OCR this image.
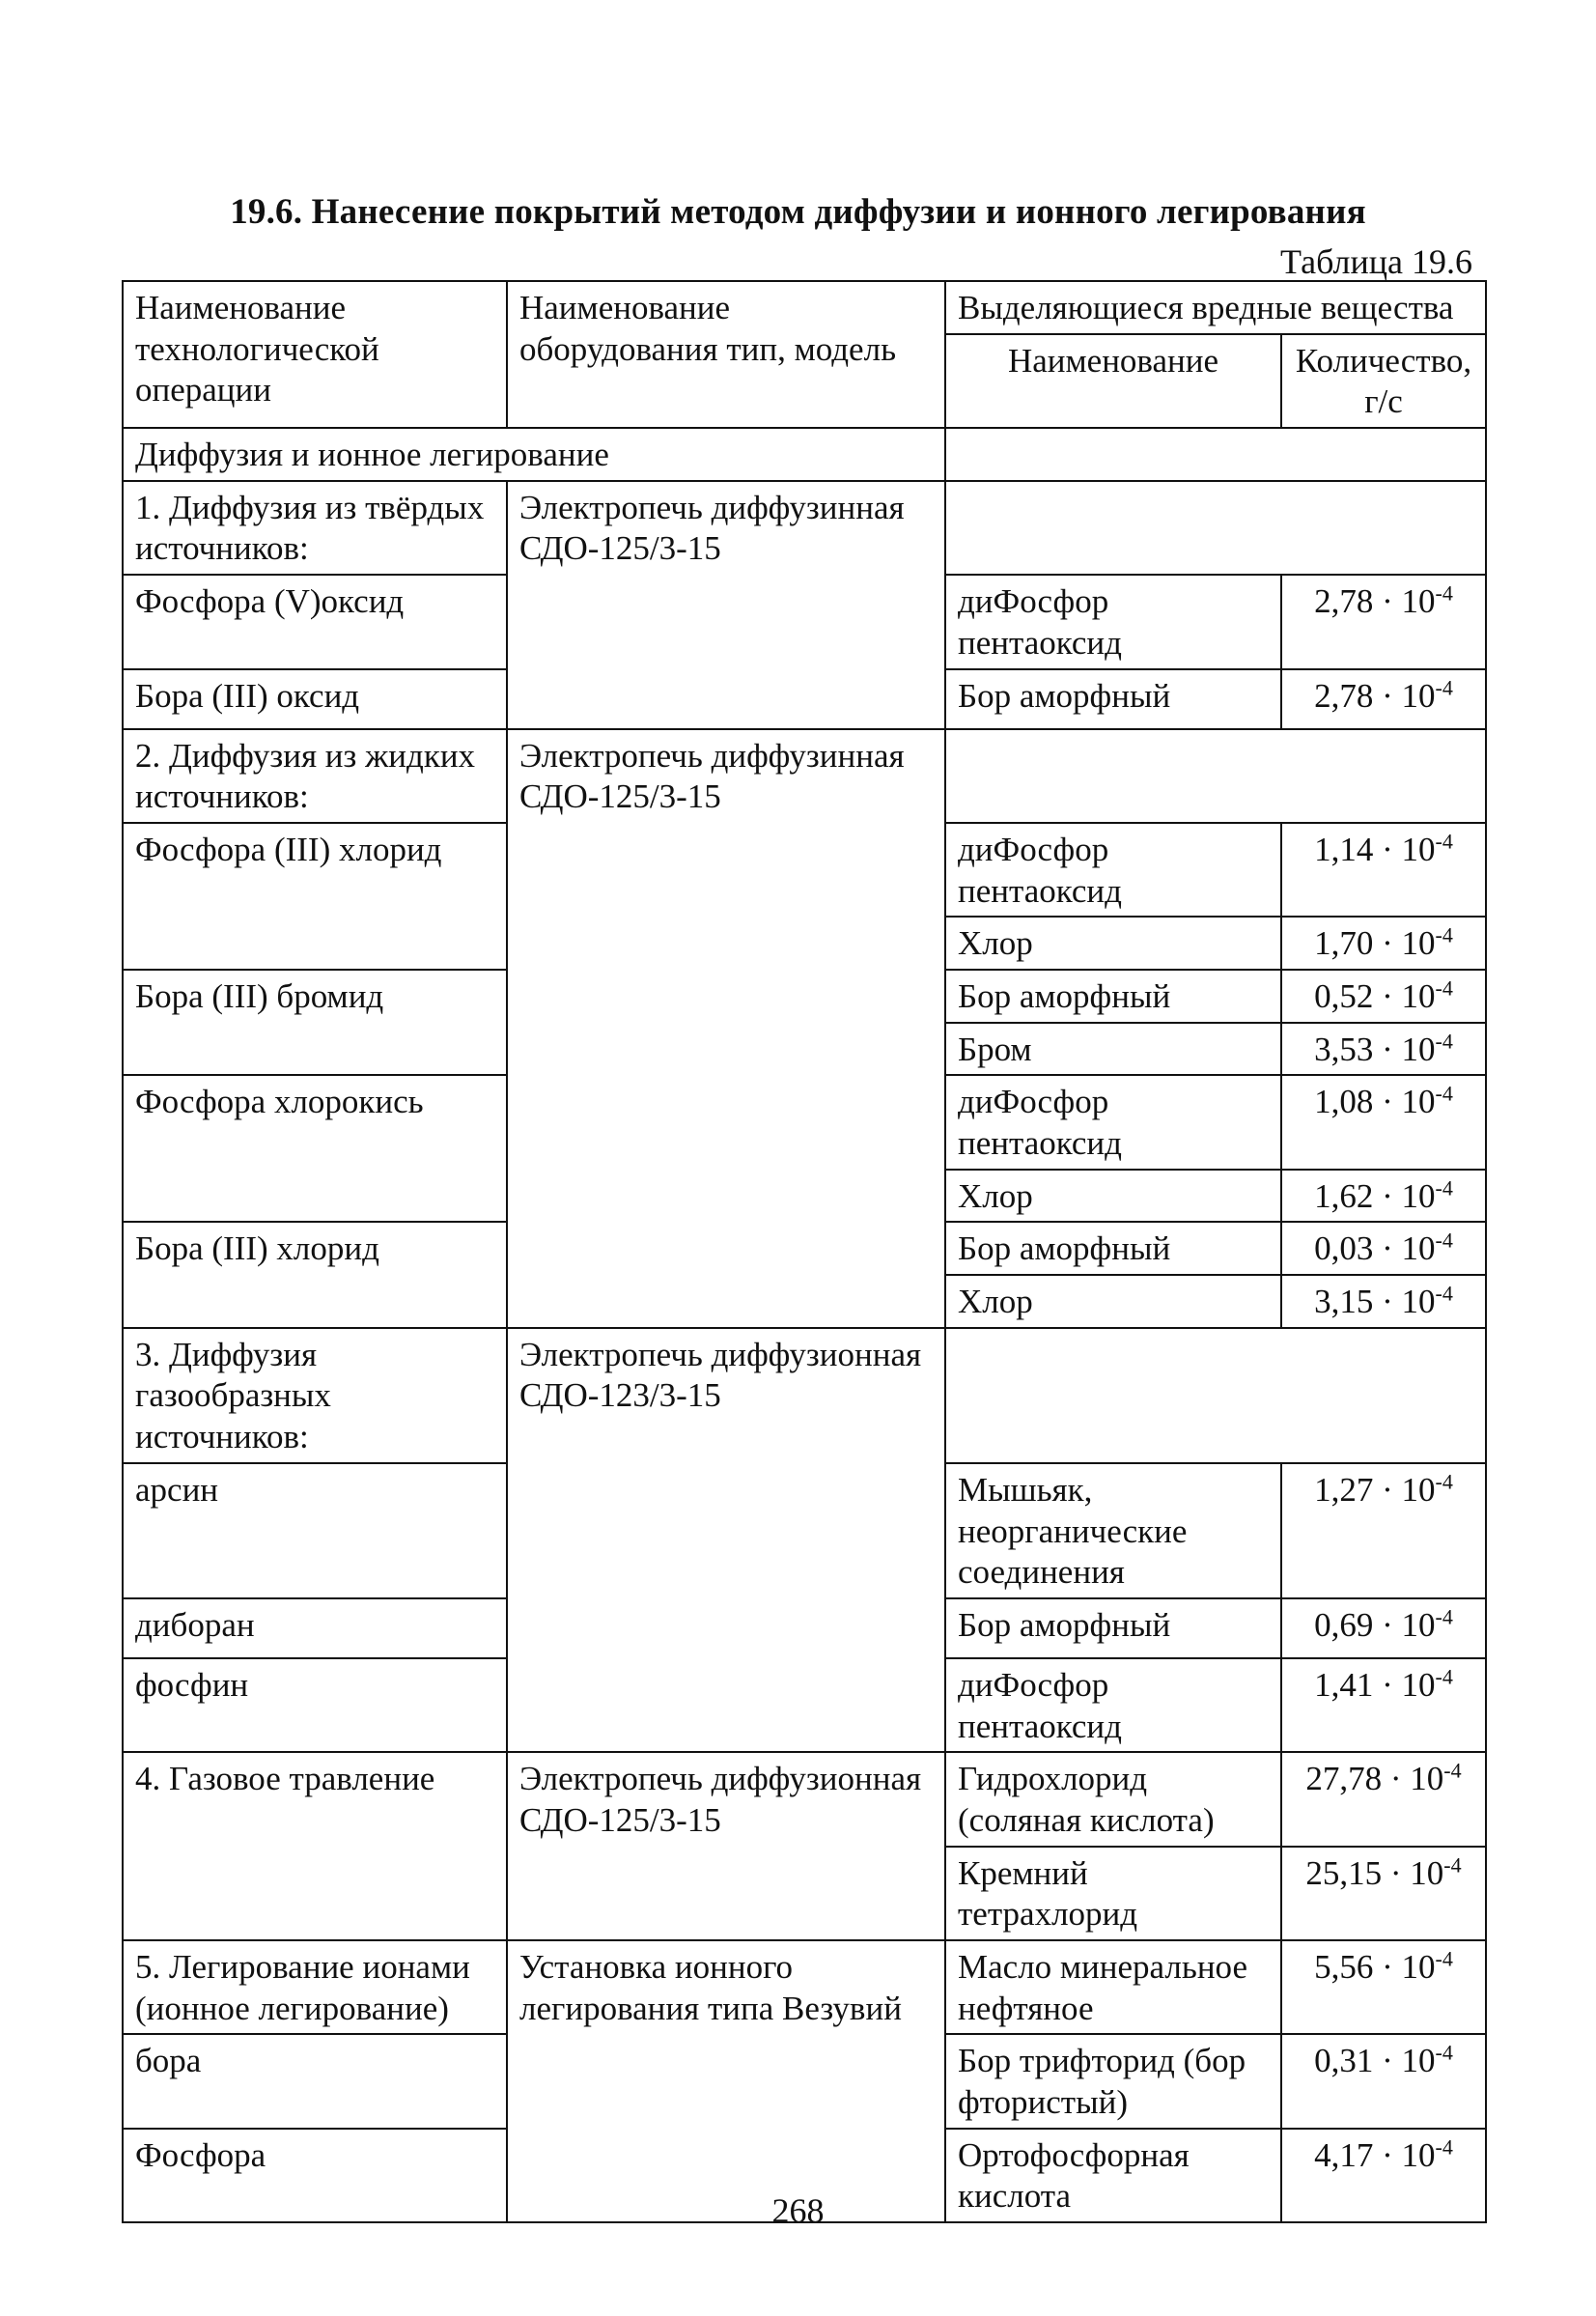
19.6. Нанесение покрытий методом диффузии и ионного легирования
Таблица 19.6
Наименование технологической операции	Наименование оборудования тип, модель	Выделяющиеся вредные вещества	
		Наименование	Количество, г/с
Диффузия и ионное легирование			
1. Диффузия из твёрдых источников:	Электропечь диффузинная СДО-125/3-15		
Фосфора (V)оксид		диФосфор пентаоксид	$2,78 \cdot 10^{-4}$
Бора (III) оксид		Бор аморфный	$2,78 \cdot 10^{-4}$
2. Диффузия из жидких источников:	Электропечь диффузинная СДО-125/3-15		
Фосфора (III) хлорид		диФосфор пентаоксид	$1,14 \cdot 10^{-4}$
		Хлор	$1,70 \cdot 10^{-4}$
Бора (III) бромид		Бор аморфный	$0,52 \cdot 10^{-4}$
		Бром	$3,53 \cdot 10^{-4}$
Фосфора хлорокись		диФосфор пентаоксид	$1,08 \cdot 10^{-4}$
		Хлор	$1,62 \cdot 10^{-4}$
Бора (III) хлорид		Бор аморфный	$0,03 \cdot 10^{-4}$
		Хлор	$3,15 \cdot 10^{-4}$
3. Диффузия газообразных источников:	Электропечь диффузионная СДО-123/3-15		
арсин		Мышьяк, неорганические соединения	$1,27 \cdot 10^{-4}$
диборан		Бор аморфный	$0,69 \cdot 10^{-4}$
фосфин		диФосфор пентаоксид	$1,41 \cdot 10^{-4}$
4. Газовое травление	Электропечь диффузионная СДО-125/3-15	Гидрохлорид (соляная кислота)	$27,78 \cdot 10^{-4}$
		Кремний тетрахлорид	$25,15 \cdot 10^{-4}$
5. Легирование ионами (ионное легирование)	Установка ионного легирования типа Везувий	Масло минеральное нефтяное	$5,56 \cdot 10^{-4}$
бора		Бор трифторид (бор фтористый)	$0,31 \cdot 10^{-4}$
Фосфора		Ортофосфорная кислота	$4,17 \cdot 10^{-4}$
268
